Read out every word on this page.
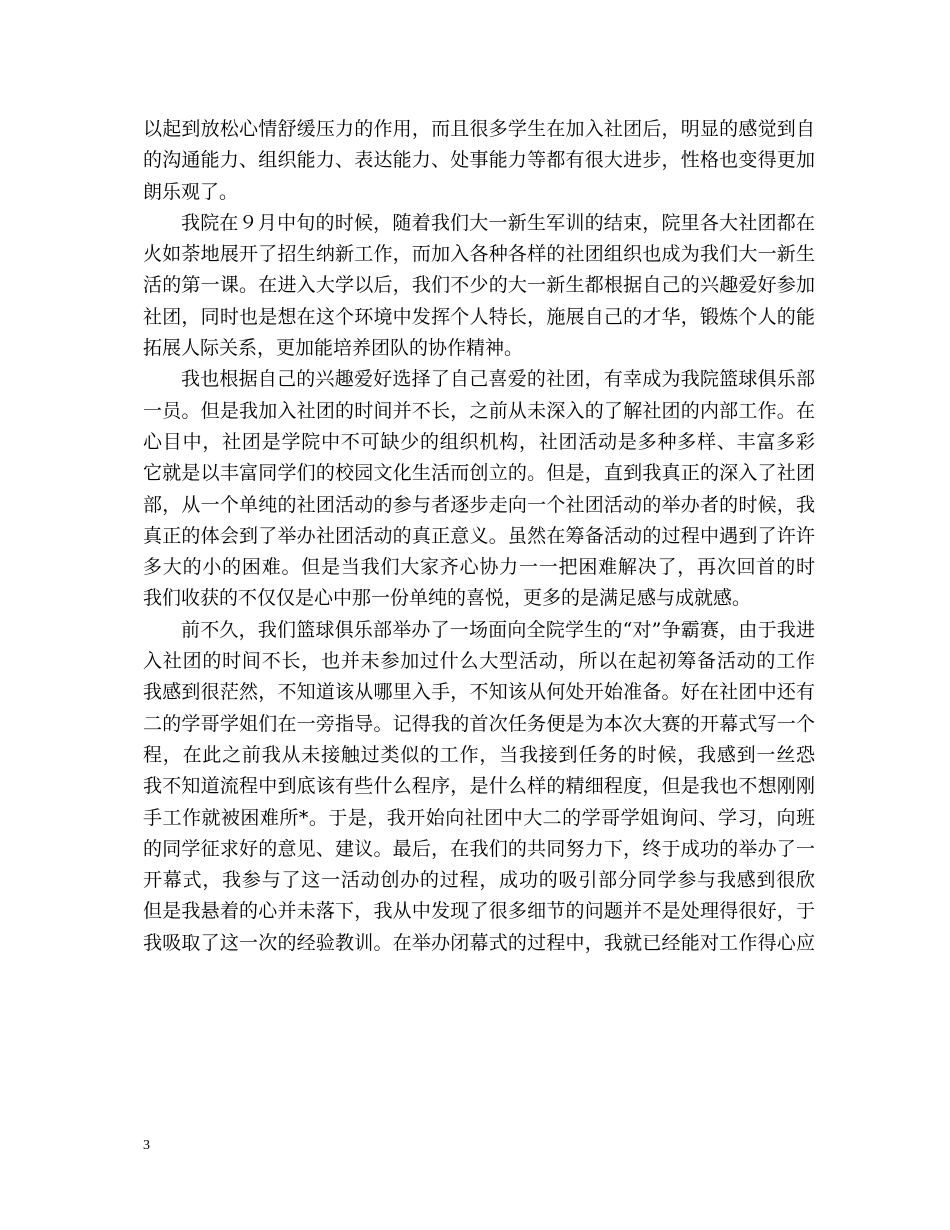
以起到放松心情舒缓压力的作用，而且很多学生在加入社团后，明显的感觉到自
的沟通能力、组织能力、表达能力、处事能力等都有很大进步，性格也变得更加
朗乐观了。
我院在９月中旬的时候，随着我们大一新生军训的结束，院里各大社团都在
火如荼地展开了招生纳新工作，而加入各种各样的社团组织也成为我们大一新生
活的第一课。在进入大学以后，我们不少的大一新生都根据自己的兴趣爱好参加
社团，同时也是想在这个环境中发挥个人特长，施展自己的才华，锻炼个人的能
拓展人际关系，更加能培养团队的协作精神。
我也根据自己的兴趣爱好选择了自己喜爱的社团，有幸成为我院篮球俱乐部
一员。但是我加入社团的时间并不长，之前从未深入的了解社团的内部工作。在
心目中，社团是学院中不可缺少的组织机构，社团活动是多种多样、丰富多彩
它就是以丰富同学们的校园文化生活而创立的。但是，直到我真正的深入了社团
部，从一个单纯的社团活动的参与者逐步走向一个社团活动的举办者的时候，我
真正的体会到了举办社团活动的真正意义。虽然在筹备活动的过程中遇到了许许
多大的小的困难。但是当我们大家齐心协力一一把困难解决了，再次回首的时
我们收获的不仅仅是心中那一份单纯的喜悦，更多的是满足感与成就感。
前不久，我们篮球俱乐部举办了一场面向全院学生的“对”争霸赛，由于我进
入社团的时间不长，也并未参加过什么大型活动，所以在起初筹备活动的工作
我感到很茫然，不知道该从哪里入手，不知该从何处开始准备。好在社团中还有
二的学哥学姐们在一旁指导。记得我的首次任务便是为本次大赛的开幕式写一个
程，在此之前我从未接触过类似的工作，当我接到任务的时候，我感到一丝恐
我不知道流程中到底该有些什么程序，是什么样的精细程度，但是我也不想刚刚
手工作就被困难所*。于是，我开始向社团中大二的学哥学姐询问、学习，向班
的同学征求好的意见、建议。最后，在我们的共同努力下，终于成功的举办了一
开幕式，我参与了这一活动创办的过程，成功的吸引部分同学参与我感到很欣
但是我悬着的心并未落下，我从中发现了很多细节的问题并不是处理得很好，于
我吸取了这一次的经验教训。在举办闭幕式的过程中，我就已经能对工作得心应
3
